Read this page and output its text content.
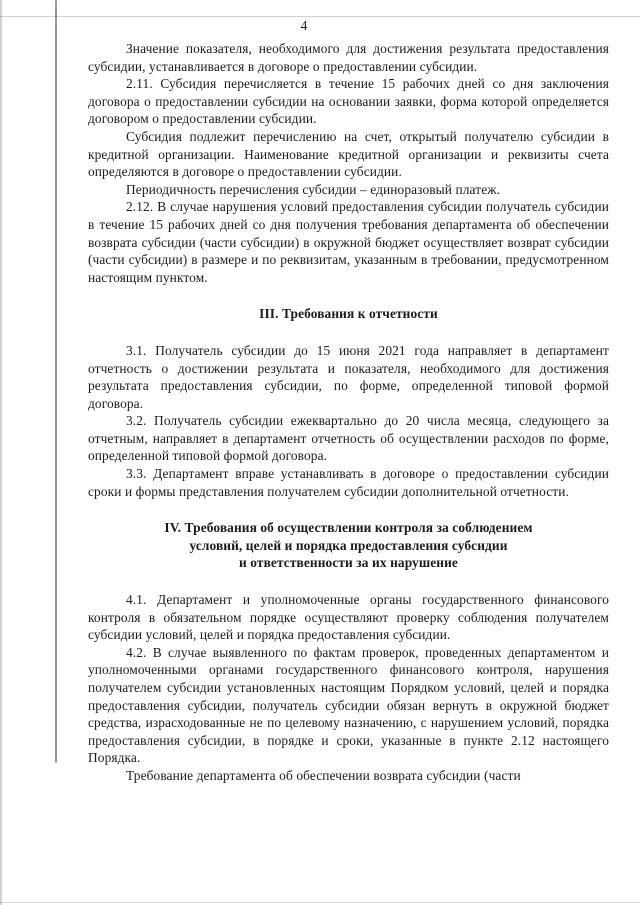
4

Значение показателя, необходимого для достижения результата предоставления субсидии, устанавливается в договоре о предоставлении субсидии.

2.11. Субсидия перечисляется в течение 15 рабочих дней со дня заключения договора о предоставлении субсидии на основании заявки, форма которой определяется договором о предоставлении субсидии.

Субсидия подлежит перечислению на счет, открытый получателю субсидии в кредитной организации. Наименование кредитной организации и реквизиты счета определяются в договоре о предоставлении субсидии.

Периодичность перечисления субсидии – единоразовый платеж.

2.12. В случае нарушения условий предоставления субсидии получатель субсидии в течение 15 рабочих дней со дня получения требования департамента об обеспечении возврата субсидии (части субсидии) в окружной бюджет осуществляет возврат субсидии (части субсидии) в размере и по реквизитам, указанным в требовании, предусмотренном настоящим пунктом.

III. Требования к отчетности

3.1. Получатель субсидии до 15 июня 2021 года направляет в департамент отчетность о достижении результата и показателя, необходимого для достижения результата предоставления субсидии, по форме, определенной типовой формой договора.

3.2. Получатель субсидии ежеквартально до 20 числа месяца, следующего за отчетным, направляет в департамент отчетность об осуществлении расходов по форме, определенной типовой формой договора.

3.3. Департамент вправе устанавливать в договоре о предоставлении субсидии сроки и формы представления получателем субсидии дополнительной отчетности.

IV. Требования об осуществлении контроля за соблюдением
условий, целей и порядка предоставления субсидии
и ответственности за их нарушение

4.1. Департамент и уполномоченные органы государственного финансового контроля в обязательном порядке осуществляют проверку соблюдения получателем субсидии условий, целей и порядка предоставления субсидии.

4.2. В случае выявленного по фактам проверок, проведенных департаментом и уполномоченными органами государственного финансового контроля, нарушения получателем субсидии установленных настоящим Порядком условий, целей и порядка предоставления субсидии, получатель субсидии обязан вернуть в окружной бюджет средства, израсходованные не по целевому назначению, с нарушением условий, порядка предоставления субсидии, в порядке и сроки, указанные в пункте 2.12 настоящего Порядка.

Требование департамента об обеспечении возврата субсидии (части
